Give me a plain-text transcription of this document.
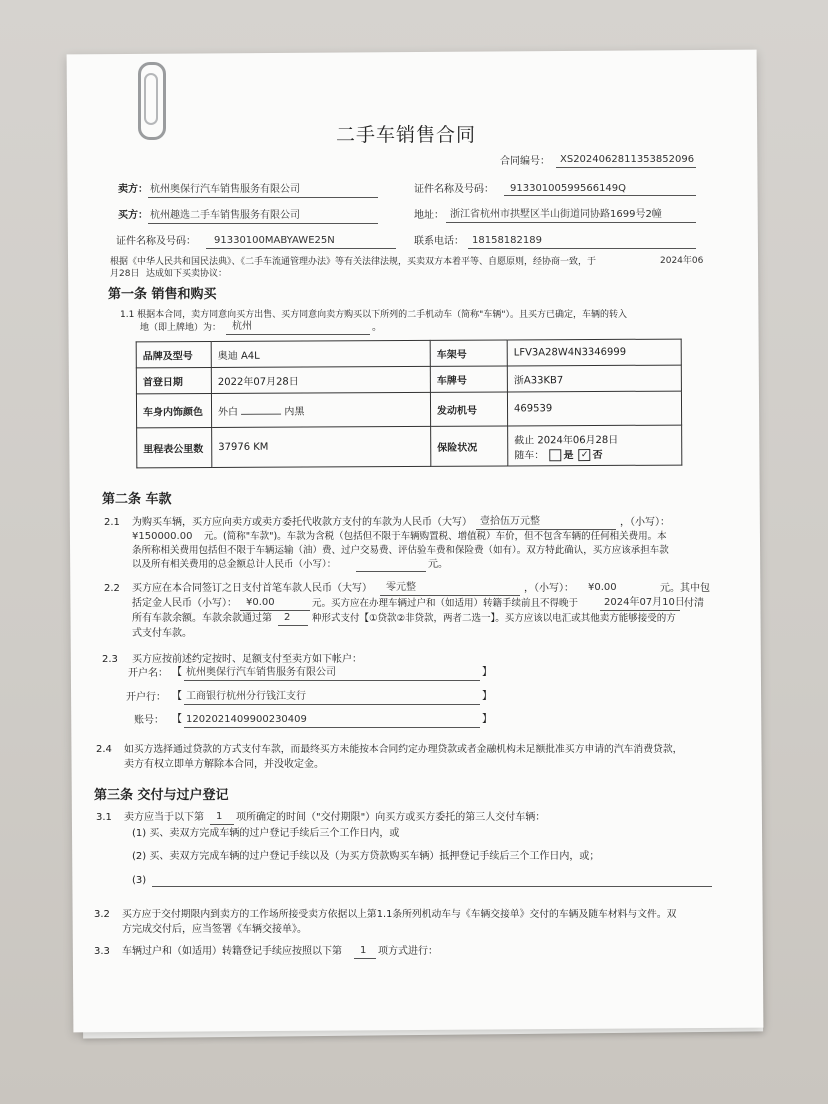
二手车销售合同
合同编号： XS2024062811353852096
卖方： 杭州奥保行汽车销售服务有限公司	证件名称及号码： 91330100599566149Q
买方： 杭州趣选二手车销售服务有限公司	地址： 浙江省杭州市拱墅区半山街道同协路1699号2幢
证件名称及号码： 91330100MABYAWE25N	联系电话： 18158182189
根据《中华人民共和国民法典》、《二手车流通管理办法》等有关法律法规，买卖双方本着平等、自愿原则，经协商一致，于	2024年06
月28日 达成如下买卖协议：
第一条 销售和购买
1.1 根据本合同，卖方同意向买方出售、买方同意向卖方购买以下所列的二手机动车（简称"车辆"）。且买方已确定，车辆的转入
地（即上牌地）为： 杭州	。
品牌及型号	奥迪 A4L	车架号	LFV3A28W4N3346999
首登日期	2022年07月28日	车牌号	浙A33KB7
车身内饰颜色	外白 内黑	发动机号	469539
里程表公里数	37976 KM	保险状况	截止 2024年06月28日
随车： 是 ✓ 否
第二条 车款
2.1 为购买车辆，买方应向卖方或卖方委托代收款方支付的车款为人民币（大写） 壹拾伍万元整	，（小写）：
¥150000.00 元。(简称"车款")。车款为含税（包括但不限于车辆购置税、增值税）车价，但不包含车辆的任何相关费用。本
条所称相关费用包括但不限于车辆运输（油）费、过户交易费、评估验车费和保险费（如有）。双方特此确认，买方应该承担车款
以及所有相关费用的总金额总计人民币（小写）：	元。
2.2 买方应在本合同签订之日支付首笔车款人民币（大写） 零元整	，（小写）： ¥0.00	元。其中包
括定金人民币（小写）： ¥0.00	元。买方应在办理车辆过户和（如适用）转籍手续前且不得晚于	2024年07月10日 付清
所有车款余额。车款余款通过第 2 种形式支付【①贷款②非贷款，两者二选一】。买方应该以电汇或其他卖方能够接受的方
式支付车款。
2.3 买方应按前述约定按时、足额支付至卖方如下帐户：
开户名： 【 杭州奥保行汽车销售服务有限公司	】
开户行： 【 工商银行杭州分行钱江支行	】
账号： 【 1202021409900230409	】
2.4 如买方选择通过贷款的方式支付车款，而最终买方未能按本合同约定办理贷款或者金融机构未足额批准买方申请的汽车消费贷款，
卖方有权立即单方解除本合同，并没收定金。
第三条 交付与过户登记
3.1 卖方应当于以下第 1 项所确定的时间（"交付期限"）向买方或买方委托的第三人交付车辆：
(1) 买、卖双方完成车辆的过户登记手续后三个工作日内，或
(2) 买、卖双方完成车辆的过户登记手续以及（为买方贷款购买车辆）抵押登记手续后三个工作日内，或；
(3)
3.2 买方应于交付期限内到卖方的工作场所接受卖方依据以上第1.1条所列机动车与《车辆交接单》交付的车辆及随车材料与文件。双
方完成交付后，应当签署《车辆交接单》。
3.3 车辆过户和（如适用）转籍登记手续应按照以下第 1 项方式进行：
